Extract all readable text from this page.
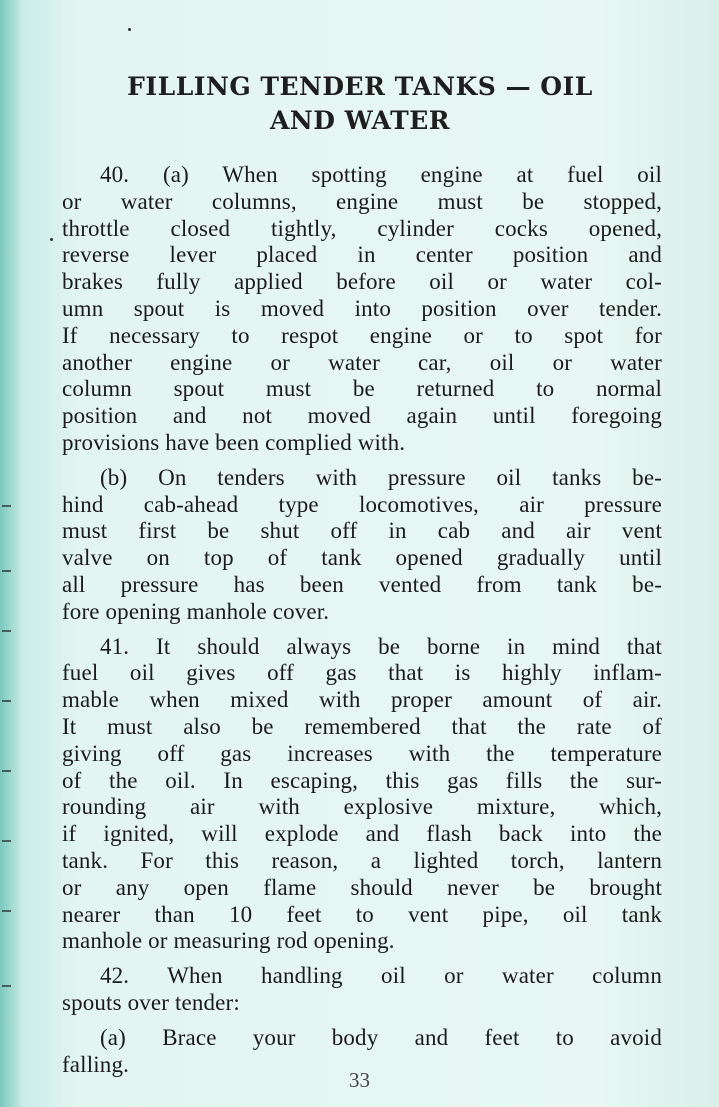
FILLING TENDER TANKS — OIL
AND WATER
40. (a) When spotting engine at fuel oil
or water columns, engine must be stopped,
throttle closed tightly, cylinder cocks opened,
reverse lever placed in center position and
brakes fully applied before oil or water col-
umn spout is moved into position over tender.
If necessary to respot engine or to spot for
another engine or water car, oil or water
column spout must be returned to normal
position and not moved again until foregoing
provisions have been complied with.
(b) On tenders with pressure oil tanks be-
hind cab-ahead type locomotives, air pressure
must first be shut off in cab and air vent
valve on top of tank opened gradually until
all pressure has been vented from tank be-
fore opening manhole cover.
41. It should always be borne in mind that
fuel oil gives off gas that is highly inflam-
mable when mixed with proper amount of air.
It must also be remembered that the rate of
giving off gas increases with the temperature
of the oil. In escaping, this gas fills the sur-
rounding air with explosive mixture, which,
if ignited, will explode and flash back into the
tank. For this reason, a lighted torch, lantern
or any open flame should never be brought
nearer than 10 feet to vent pipe, oil tank
manhole or measuring rod opening.
42. When handling oil or water column
spouts over tender:
(a) Brace your body and feet to avoid
falling.
33
